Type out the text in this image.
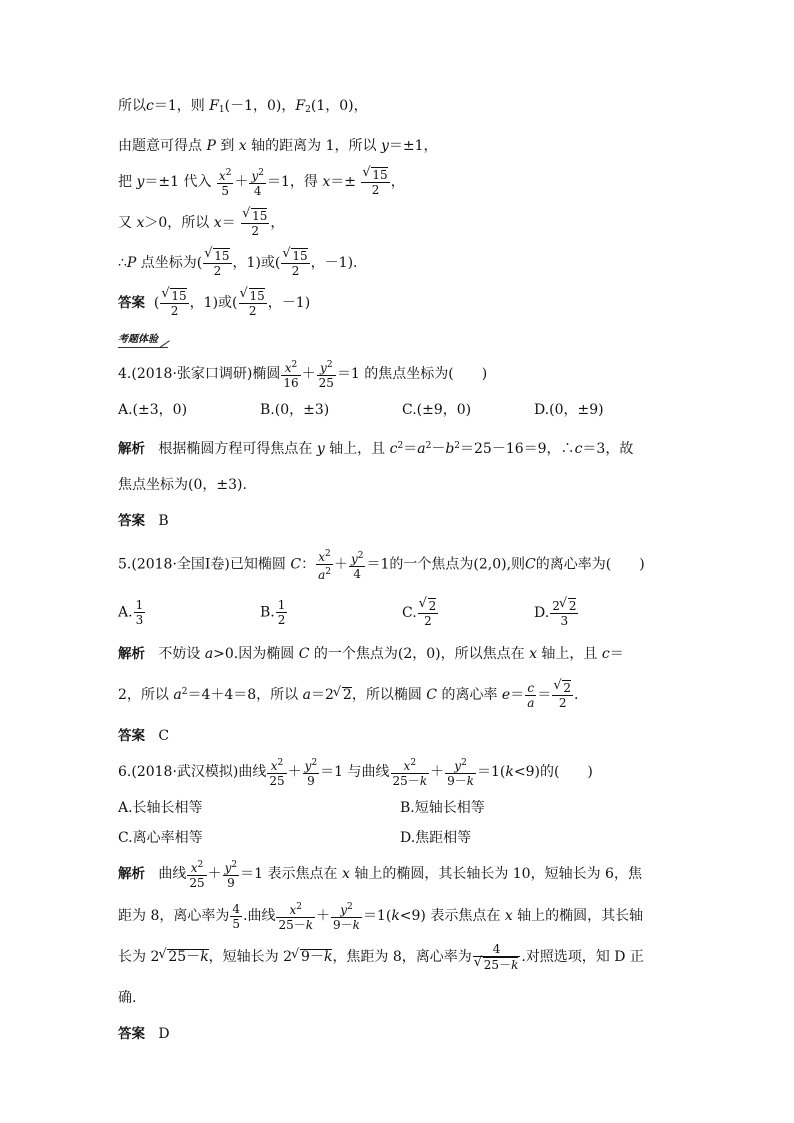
所以c＝1，则 $F_1(-1$，0)，$F_2(1$，0)，
由题意可得点 P 到 x 轴的距离为 1，所以 y＝±1，
把 y＝±1 代入 $\frac{x^2}{5} + \frac{y^2}{4} =1$，得 x＝± √ $\frac{15}{2}$ ，
又 x＞0，所以 x＝ √ $\frac{15}{2}$ ，
∴P 点坐标为( √ $\frac{15}{2}$ ，1)或( √ $\frac{15}{2}$ ，－1).
答案 ( √ $\frac{15}{2}$ ，1)或( √ $\frac{15}{2}$ ，－1)
考题体验
4.(2018·张家口调研)椭圆 $\frac{x^2}{16} + \frac{y^2}{25} =1$ 的焦点坐标为(　　)
A.(±3，0)	B.(0，±3)	C.(±9，0)	D.(0，±9)
解析 根据椭圆方程可得焦点在 y 轴上，且 $c^2=a^2-b^2=25-16=9$，∴c＝3，故
焦点坐标为(0，±3).
答案 B
5.(2018·全国Ⅰ卷)已知椭圆 C： $\frac{x^2}{a^2} + \frac{y^2}{4} =1$的一个焦点为(2,0),则C的离心率为(　　)
A. $\frac{1}{3}$	B. $\frac{1}{2}$	C. √ $\frac{2}{2}$	D. $\frac{2 √ 2}{3}$
解析 不妨设 a>0.因为椭圆 C 的一个焦点为(2，0)，所以焦点在 x 轴上，且 c＝
2，所以 $a^2=4+4=8$，所以 a＝2 √ 2，所以椭圆 C 的离心率 $e= \frac{c}{a}$ ＝ √ $\frac{2}{2}$ .
答案 C
6.(2018·武汉模拟)曲线 $\frac{x^2}{25} + \frac{y^2}{9} =1$ 与曲线 $\frac{x^2}{25-k} + \frac{y^2}{9-k} =1(k<9)$的(　　)
A.长轴长相等	B.短轴长相等
C.离心率相等	D.焦距相等
解析 曲线 $\frac{x^2}{25} + \frac{y^2}{9} =1$ 表示焦点在 x 轴上的椭圆，其长轴长为 10，短轴长为 6，焦
距为 8，离心率为 $\frac{4}{5}$ .曲线 $\frac{x^2}{25-k} + \frac{y^2}{9-k} =1(k<9)$ 表示焦点在 x 轴上的椭圆，其长轴
长为 2 √ 25－k，短轴长为 2 √ 9－k，焦距为 8，离心率为 4
√ 25－k .对照选项，知 D 正
确.
答案 D
